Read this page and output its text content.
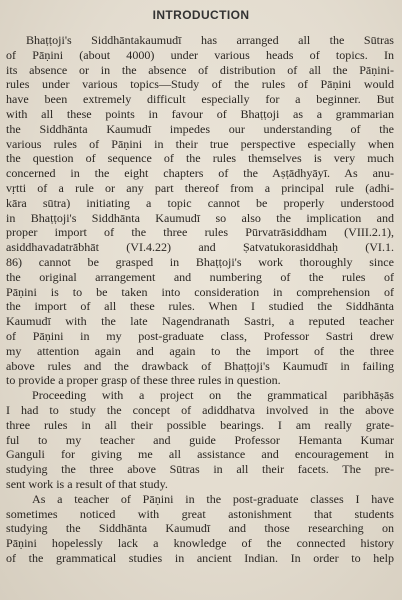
INTRODUCTION
Bhaṭṭoji's Siddhāntakaumudī has arranged all the Sūtras
of Pāṇini (about 4000) under various heads of topics. In
its absence or in the absence of distribution of all the Pāṇini-
rules under various topics—Study of the rules of Pāṇini would
have been extremely difficult especially for a beginner. But
with all these points in favour of Bhaṭṭoji as a grammarian
the Siddhānta Kaumudī impedes our understanding of the
various rules of Pāṇini in their true perspective especially when
the question of sequence of the rules themselves is very much
concerned in the eight chapters of the Aṣṭādhyāyī. As anu-
vṛtti of a rule or any part thereof from a principal rule (adhi-
kāra sūtra) initiating a topic cannot be properly understood
in Bhaṭṭoji's Siddhānta Kaumudī so also the implication and
proper import of the three rules Pūrvatrāsiddham (VIII.2.1),
asiddhavadatrābhāt (VI.4.22) and Ṣatvatukorasiddhaḥ (VI.1.
86) cannot be grasped in Bhaṭṭoji's work thoroughly since
the original arrangement and numbering of the rules of
Pāṇini is to be taken into consideration in comprehension of
the import of all these rules. When I studied the Siddhānta
Kaumudī with the late Nagendranath Sastri, a reputed teacher
of Pāṇini in my post-graduate class, Professor Sastri drew
my attention again and again to the import of the three
above rules and the drawback of Bhaṭṭoji's Kaumudī in failing
to provide a proper grasp of these three rules in question.
Proceeding with a project on the grammatical paribhāṣās
I had to study the concept of adiddhatva involved in the above
three rules in all their possible bearings. I am really grate-
ful to my teacher and guide Professor Hemanta Kumar
Ganguli for giving me all assistance and encouragement in
studying the three above Sūtras in all their facets. The pre-
sent work is a result of that study.
As a teacher of Pāṇini in the post-graduate classes I have
sometimes noticed with great astonishment that students
studying the Siddhānta Kaumudī and those researching on
Pāṇini hopelessly lack a knowledge of the connected history
of the grammatical studies in ancient Indian. In order to help
